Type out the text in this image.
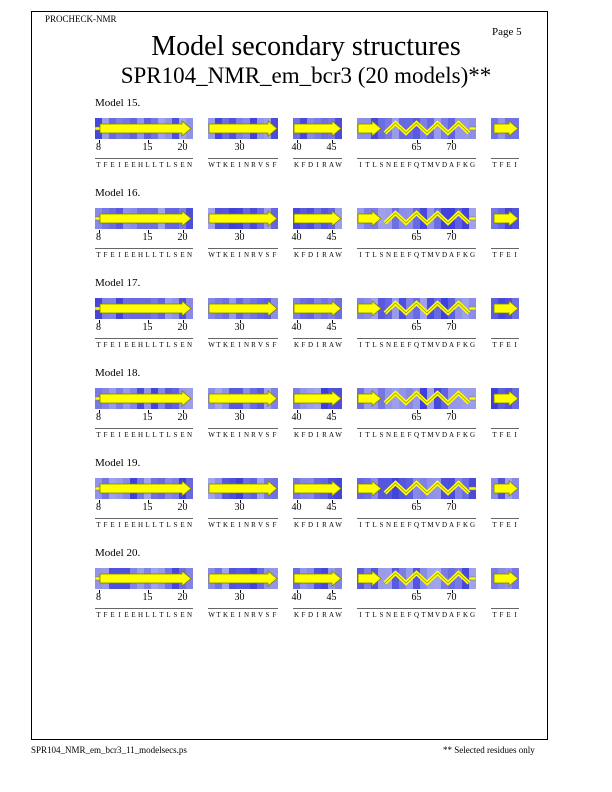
PROCHECK-NMR
Page 5
Model secondary structures
SPR104_NMR_em_bcr3 (20 models)**
Model 15.
8	15	20
T F E I E E H L L T L S E N
30
W T K E I N R V S F
40	45
K F D I R A W
65	70
I T L S N E E F Q T M V D A F K G T F E I
Model 16.
8	15	20
T F E I E E H L L T L S E N
30
W T K E I N R V S F
40	45
K F D I R A W
65	70
I T L S N E E F Q T M V D A F K G T F E I
Model 17.
8	15	20
T F E I E E H L L T L S E N
30
W T K E I N R V S F
40	45
K F D I R A W
65	70
I T L S N E E F Q T M V D A F K G T F E I
Model 18.
8	15	20
T F E I E E H L L T L S E N
30
W T K E I N R V S F
40	45
K F D I R A W
65	70
I T L S N E E F Q T M V D A F K G T F E I
Model 19.
8	15	20
T F E I E E H L L T L S E N
30
W T K E I N R V S F
40	45
K F D I R A W
65	70
I T L S N E E F Q T M V D A F K G T F E I
Model 20.
8	15	20
T F E I E E H L L T L S E N
30
W T K E I N R V S F
40	45
K F D I R A W
65	70
I T L S N E E F Q T M V D A F K G T F E I
SPR104_NMR_em_bcr3_11_modelsecs.ps	** Selected residues only
